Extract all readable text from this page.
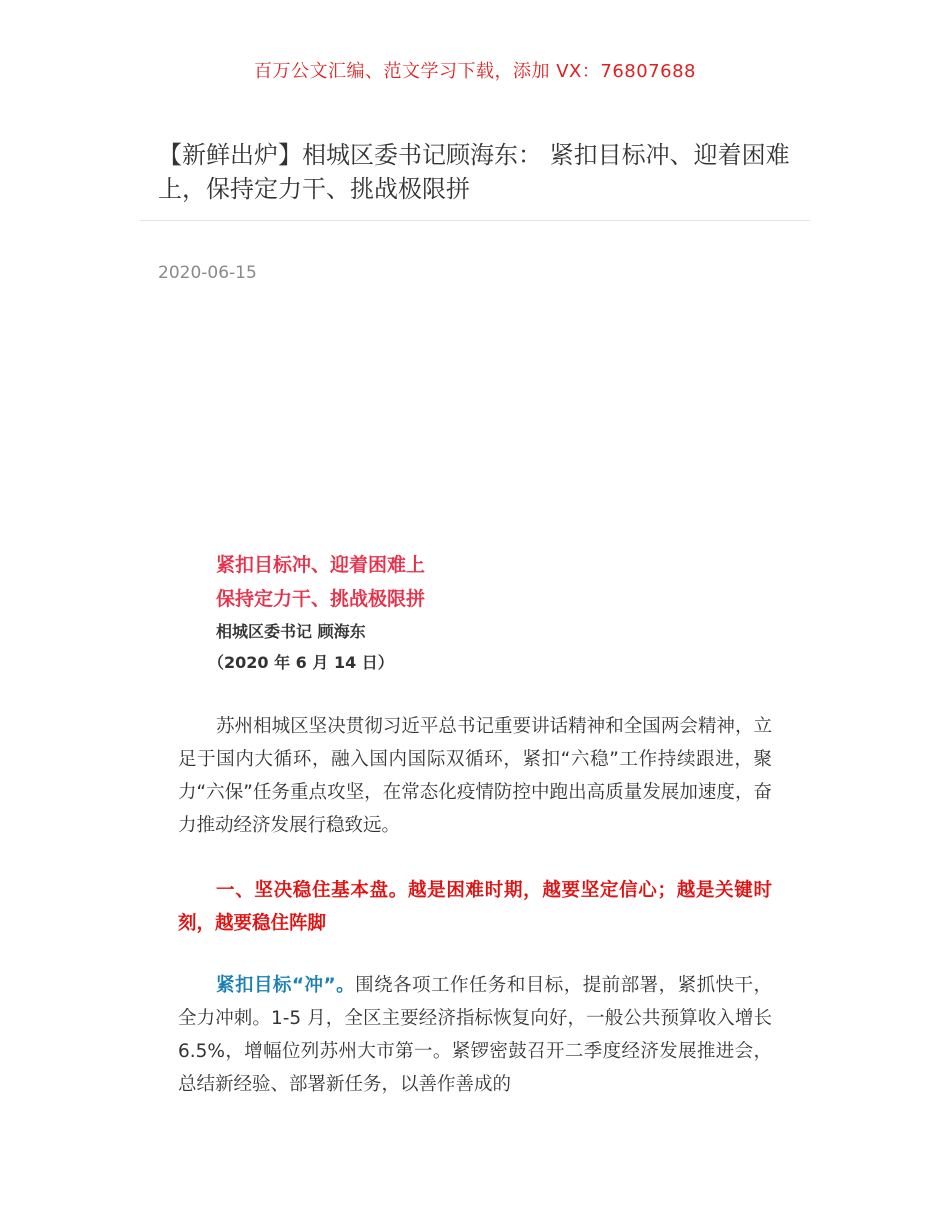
百万公文汇编、范文学习下载，添加 VX：76807688
【新鲜出炉】相城区委书记顾海东： 紧扣目标冲、迎着困难上，保持定力干、挑战极限拼
2020-06-15
紧扣目标冲、迎着困难上
保持定力干、挑战极限拼
相城区委书记 顾海东
（2020 年 6 月 14 日）

苏州相城区坚决贯彻习近平总书记重要讲话精神和全国两会精神，立足于国内大循环，融入国内国际双循环，紧扣“六稳”工作持续跟进，聚力“六保”任务重点攻坚，在常态化疫情防控中跑出高质量发展加速度，奋力推动经济发展行稳致远。

一、坚决稳住基本盘。越是困难时期，越要坚定信心；越是关键时刻，越要稳住阵脚

紧扣目标“冲”。围绕各项工作任务和目标，提前部署，紧抓快干，全力冲刺。1-5 月，全区主要经济指标恢复向好，一般公共预算收入增长 6.5%，增幅位列苏州大市第一。紧锣密鼓召开二季度经济发展推进会，总结新经验、部署新任务，以善作善成的
